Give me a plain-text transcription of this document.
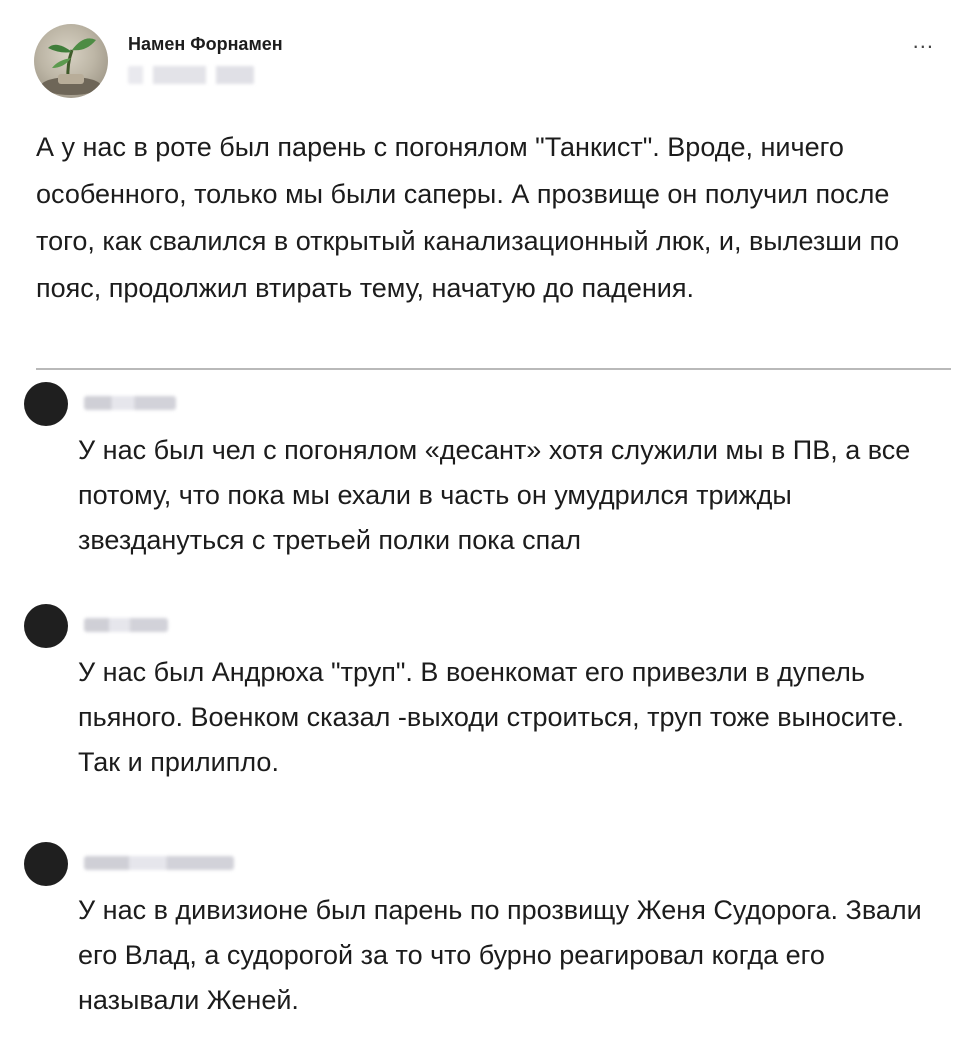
Намен Форнамен	...

А у нас в роте был парень с погонялом "Танкист". Вроде, ничего особенного, только мы были саперы. А прозвище он получил после того, как свалился в открытый канализационный люк, и, вылезши по пояс, продолжил втирать тему, начатую до падения.

У нас был чел с погонялом «десант» хотя служили мы в ПВ, а все потому, что пока мы ехали в часть он умудрился трижды звездануться с третьей полки пока спал

У нас был Андрюха "труп". В военкомат его привезли в дупель пьяного. Военком сказал -выходи строиться, труп тоже выносите. Так и прилипло.

У нас в дивизионе был парень по прозвищу Женя Судорога. Звали его Влад, а судорогой за то что бурно реагировал когда его называли Женей.
